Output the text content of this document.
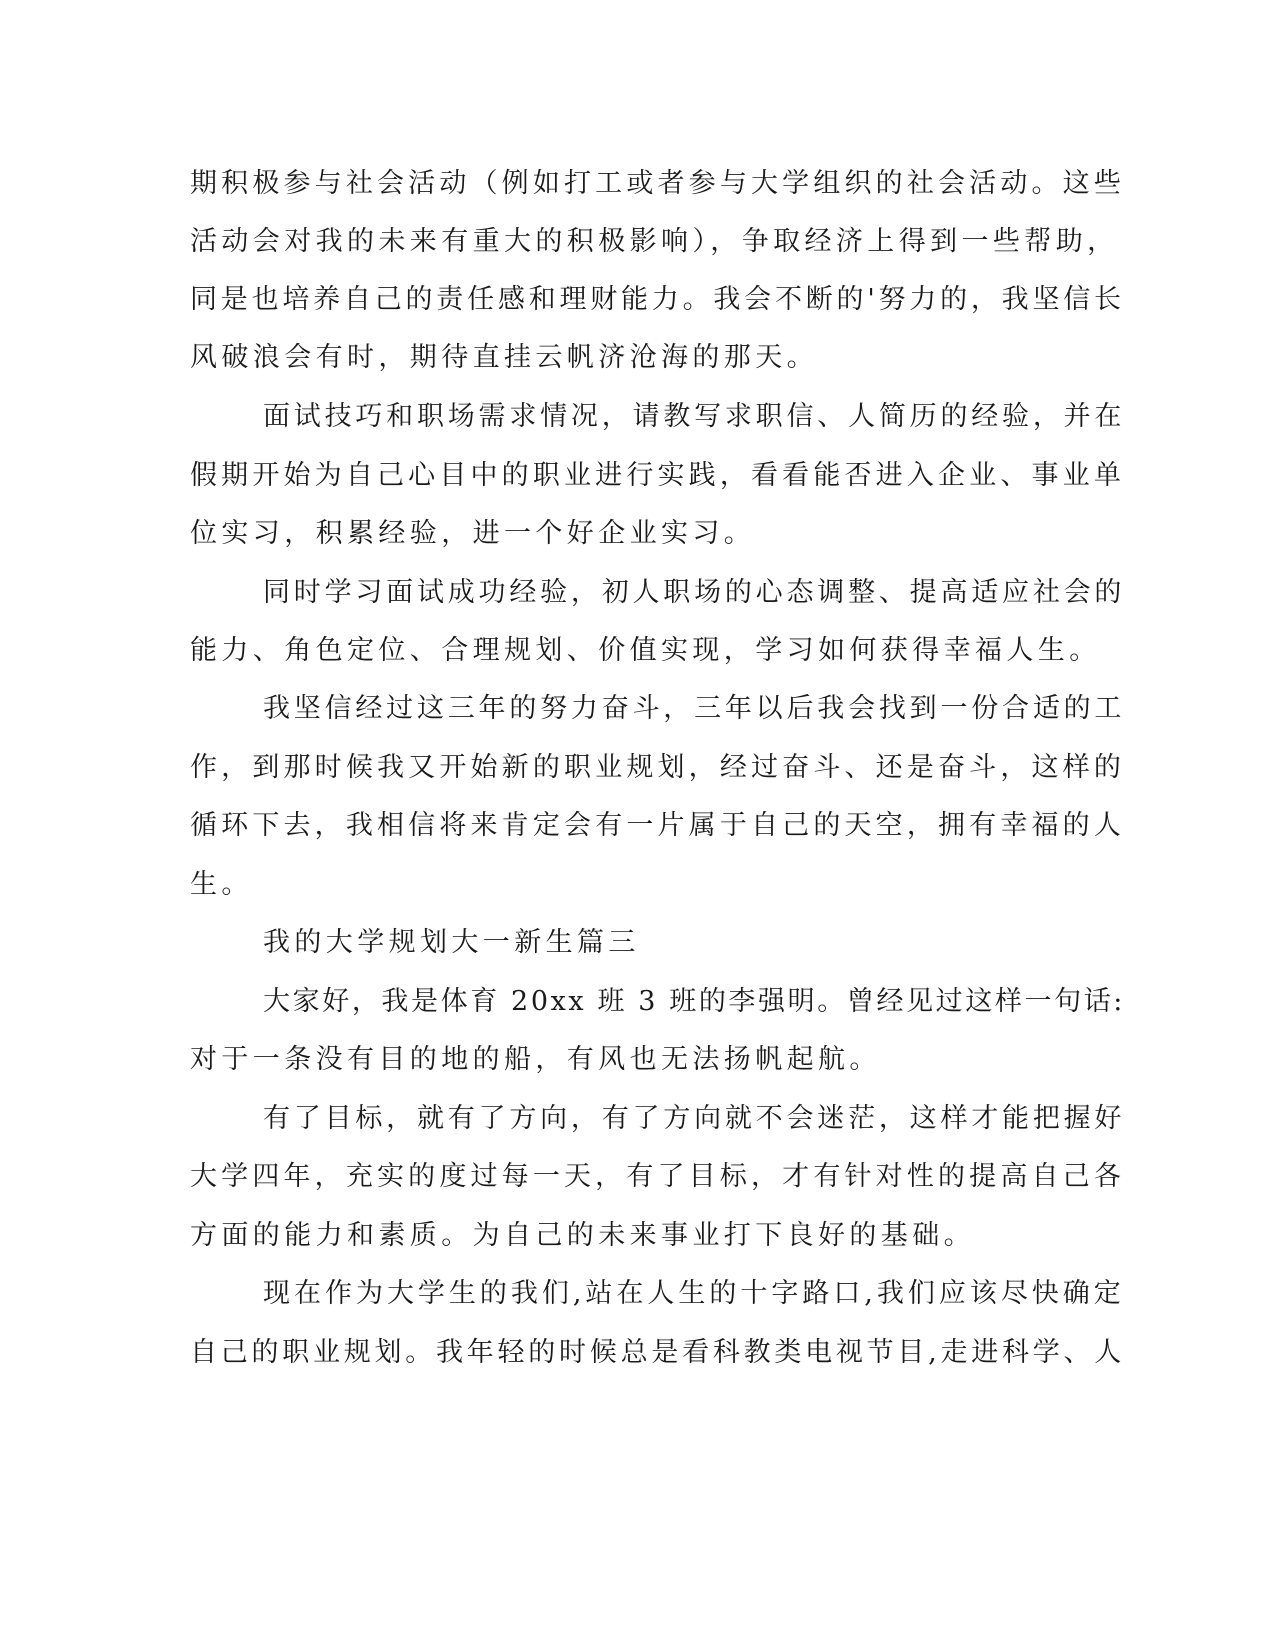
期积极参与社会活动（例如打工或者参与大学组织的社会活动。这些
活动会对我的未来有重大的积极影响），争取经济上得到一些帮助，
同是也培养自己的责任感和理财能力。我会不断的'努力的，我坚信长
风破浪会有时，期待直挂云帆济沧海的那天。
面试技巧和职场需求情况，请教写求职信、人简历的经验，并在
假期开始为自己心目中的职业进行实践，看看能否进入企业、事业单
位实习，积累经验，进一个好企业实习。
同时学习面试成功经验，初人职场的心态调整、提高适应社会的
能力、角色定位、合理规划、价值实现，学习如何获得幸福人生。
我坚信经过这三年的努力奋斗，三年以后我会找到一份合适的工
作，到那时候我又开始新的职业规划，经过奋斗、还是奋斗，这样的
循环下去，我相信将来肯定会有一片属于自己的天空，拥有幸福的人
生。
我的大学规划大一新生篇三
大家好，我是体育 20xx 班 3 班的李强明。曾经见过这样一句话:
对于一条没有目的地的船，有风也无法扬帆起航。
有了目标，就有了方向，有了方向就不会迷茫，这样才能把握好
大学四年，充实的度过每一天，有了目标，才有针对性的提高自己各
方面的能力和素质。为自己的未来事业打下良好的基础。
现在作为大学生的我们,站在人生的十字路口,我们应该尽快确定
自己的职业规划。我年轻的时候总是看科教类电视节目,走进科学、人
